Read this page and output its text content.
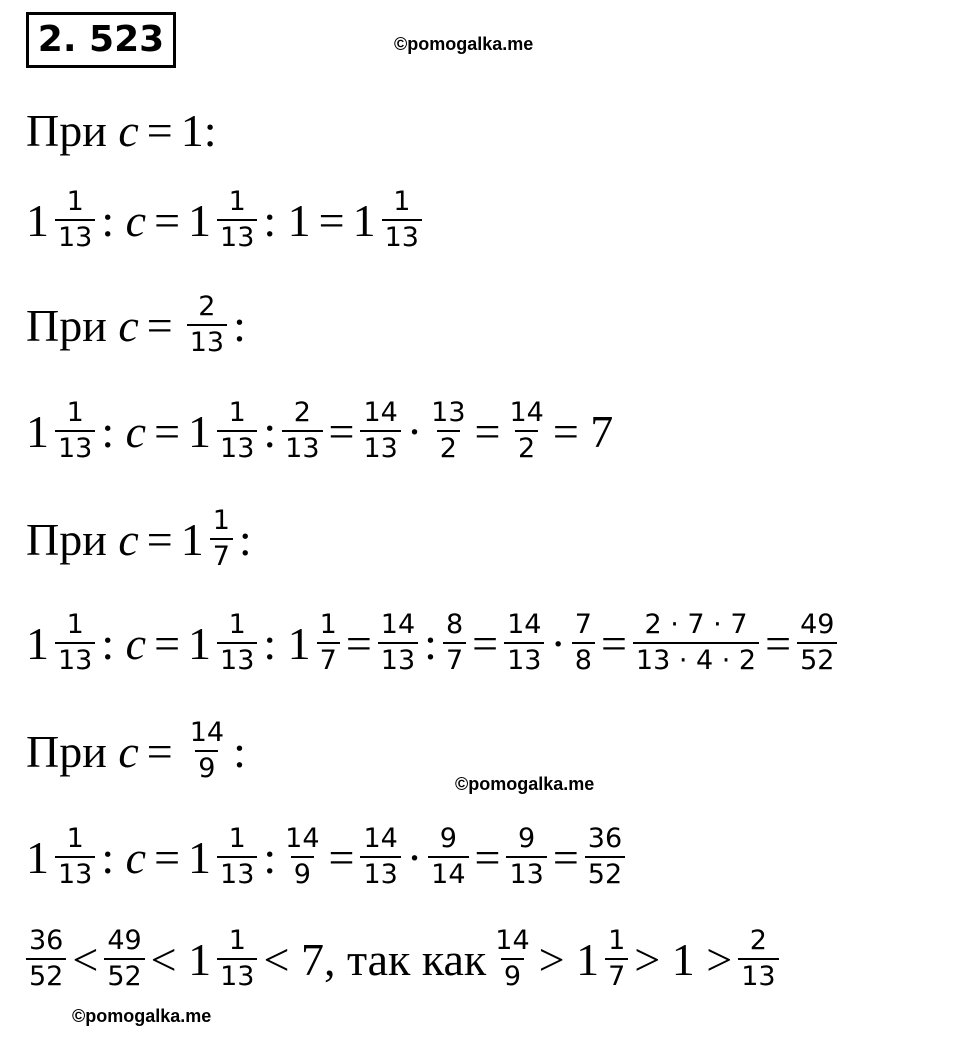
2. 523	©pomogalka.me
©pomogalka.me
©pomogalka.me
При
c = 1 :
$1 \frac{1}{13}$ :
$c = 1 \frac{1}{13}$ :
$1 = 1 \frac{1}{13}$
При
$c = \frac{2}{13}$ :
$1 \frac{1}{13}$ :
$c = 1 \frac{1}{13}$ : $\frac{2}{13} = \frac{14}{13} \cdot \frac{13}{2} = \frac{14}{2}$ =
7
При
$c = 1 \frac{1}{7}$ :
$1 \frac{1}{13}$ :
$c = 1 \frac{1}{13}$ :
$1 \frac{1}{7} = \frac{14}{13}$ : $\frac{8}{7} = \frac{14}{13} \cdot \frac{7}{8} = \frac{2 \cdot 7 \cdot 7}{13 \cdot 4 \cdot 2} = \frac{49}{52}$
При
$c = \frac{14}{9}$ :
$1 \frac{1}{13}$ :
$c = 1 \frac{1}{13}$ : $\frac{14}{9} = \frac{14}{13} \cdot \frac{9}{14} = \frac{9}{13} = \frac{36}{52}$
$\frac{36}{52} < \frac{49}{52}$ <
$1 \frac{1}{13}$ <
7 , так как $\frac{14}{9}$ >
$1 \frac{1}{7}$ >
1
> $\frac{2}{13}$
